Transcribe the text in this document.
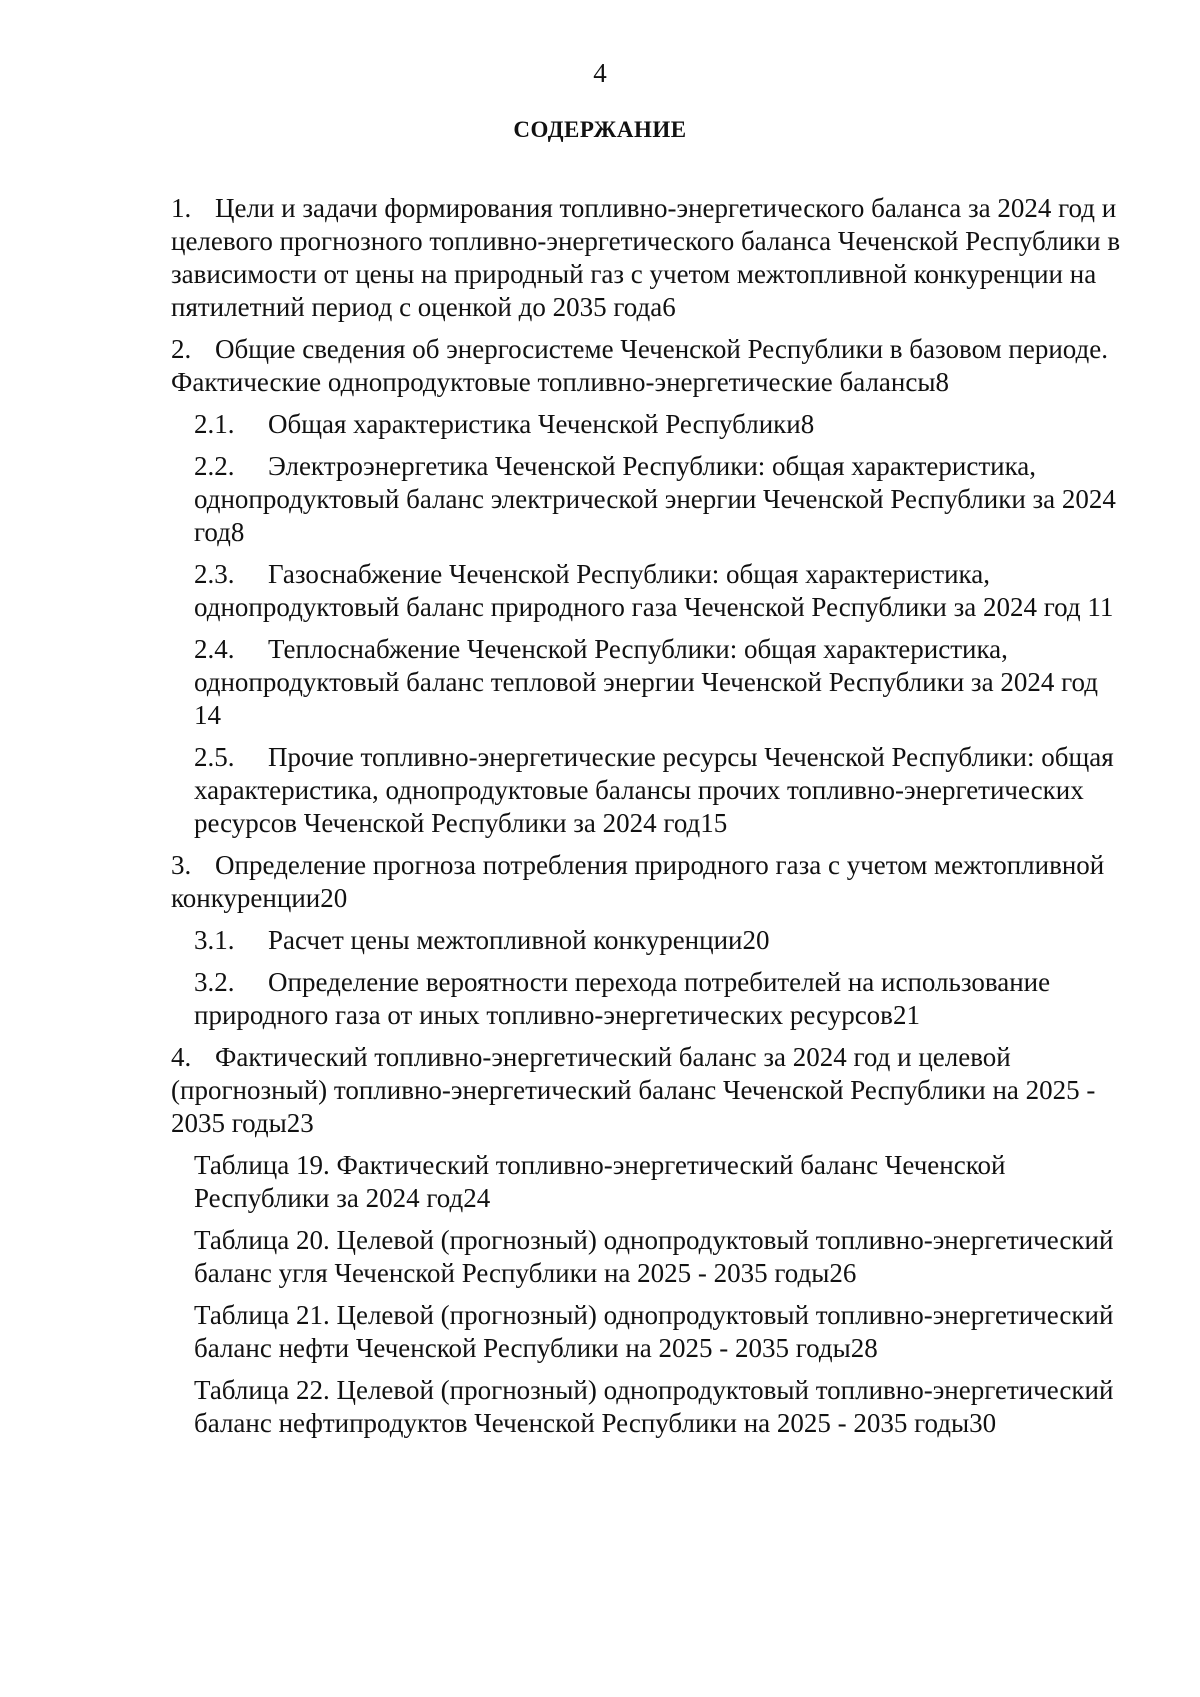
4
СОДЕРЖАНИЕ
1. Цели и задачи формирования топливно-энергетического баланса за 2024 год и целевого прогнозного топливно-энергетического баланса Чеченской Республики в зависимости от цены на природный газ с учетом межтопливной конкуренции на пятилетний период с оценкой до 2035 года6
2. Общие сведения об энергосистеме Чеченской Республики в базовом периоде. Фактические однопродуктовые топливно-энергетические балансы8
2.1. Общая характеристика Чеченской Республики8
2.2. Электроэнергетика Чеченской Республики: общая характеристика, однопродуктовый баланс электрической энергии Чеченской Республики за 2024 год8
2.3. Газоснабжение Чеченской Республики: общая характеристика, однопродуктовый баланс природного газа Чеченской Республики за 2024 год 11
2.4. Теплоснабжение Чеченской Республики: общая характеристика, однопродуктовый баланс тепловой энергии Чеченской Республики за 2024 год 14
2.5. Прочие топливно-энергетические ресурсы Чеченской Республики: общая характеристика, однопродуктовые балансы прочих топливно-энергетических ресурсов Чеченской Республики за 2024 год15
3. Определение прогноза потребления природного газа с учетом межтопливной конкуренции20
3.1. Расчет цены межтопливной конкуренции20
3.2. Определение вероятности перехода потребителей на использование природного газа от иных топливно-энергетических ресурсов21
4. Фактический топливно-энергетический баланс за 2024 год и целевой (прогнозный) топливно-энергетический баланс Чеченской Республики на 2025 - 2035 годы23
Таблица 19. Фактический топливно-энергетический баланс Чеченской Республики за 2024 год24
Таблица 20. Целевой (прогнозный) однопродуктовый топливно-энергетический баланс угля Чеченской Республики на 2025 - 2035 годы26
Таблица 21. Целевой (прогнозный) однопродуктовый топливно-энергетический баланс нефти Чеченской Республики на 2025 - 2035 годы28
Таблица 22. Целевой (прогнозный) однопродуктовый топливно-энергетический баланс нефтипродуктов Чеченской Республики на 2025 - 2035 годы30
